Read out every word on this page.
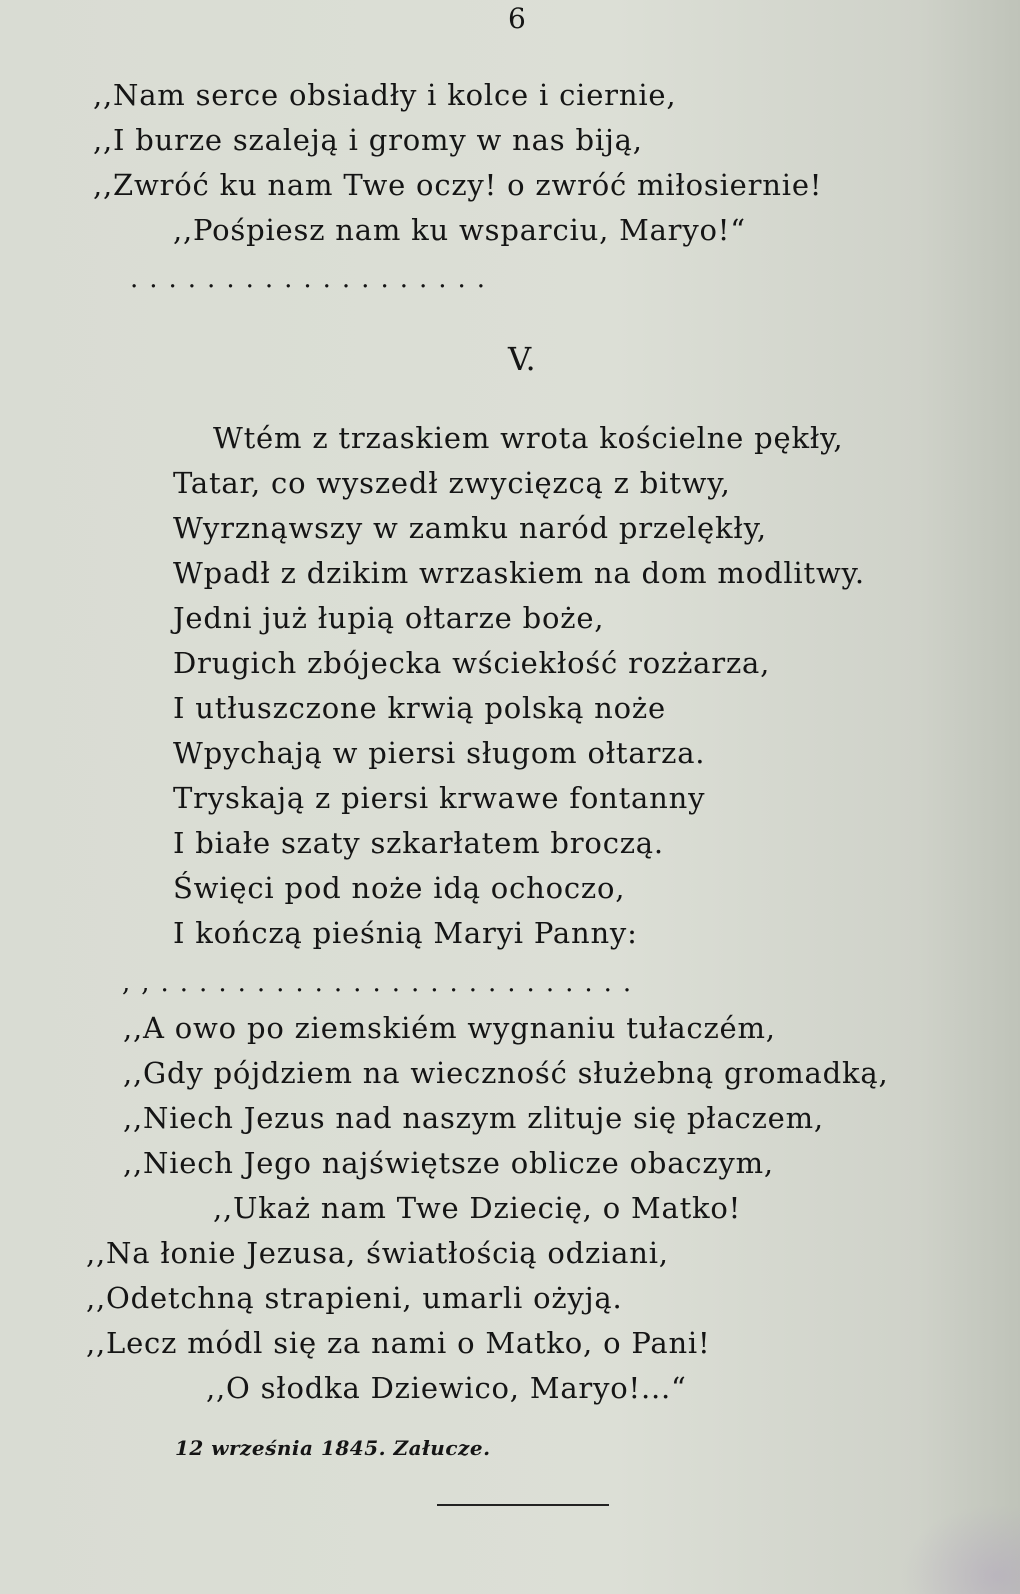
6
,,Nam serce obsiadły i kolce i ciernie,
,,I burze szaleją i gromy w nas biją,
,,Zwróć ku nam Twe oczy! o zwróć miłosiernie!
,,Pośpiesz nam ku wsparciu, Maryo!“
...................
V.
Wtém z trzaskiem wrota kościelne pękły,
Tatar, co wyszedł zwycięzcą z bitwy,
Wyrznąwszy w zamku naród przelękły,
Wpadł z dzikim wrzaskiem na dom modlitwy.
Jedni już łupią ołtarze boże,
Drugich zbójecka wściekłość rozżarza,
I utłuszczone krwią polską noże
Wpychają w piersi sługom ołtarza.
Tryskają z piersi krwawe fontanny
I białe szaty szkarłatem broczą.
Święci pod noże idą ochoczo,
I kończą pieśnią Maryi Panny:
,,.........................
,,A owo po ziemskiém wygnaniu tułaczém,
,,Gdy pójdziem na wieczność służebną gromadką,
,,Niech Jezus nad naszym zlituje się płaczem,
,,Niech Jego najświętsze oblicze obaczym,
,,Ukaż nam Twe Dziecię, o Matko!
,,Na łonie Jezusa, światłością odziani,
,,Odetchną strapieni, umarli ożyją.
,,Lecz módl się za nami o Matko, o Pani!
,,O słodka Dziewico, Maryo!...“
12 września 1845. Załucze.
